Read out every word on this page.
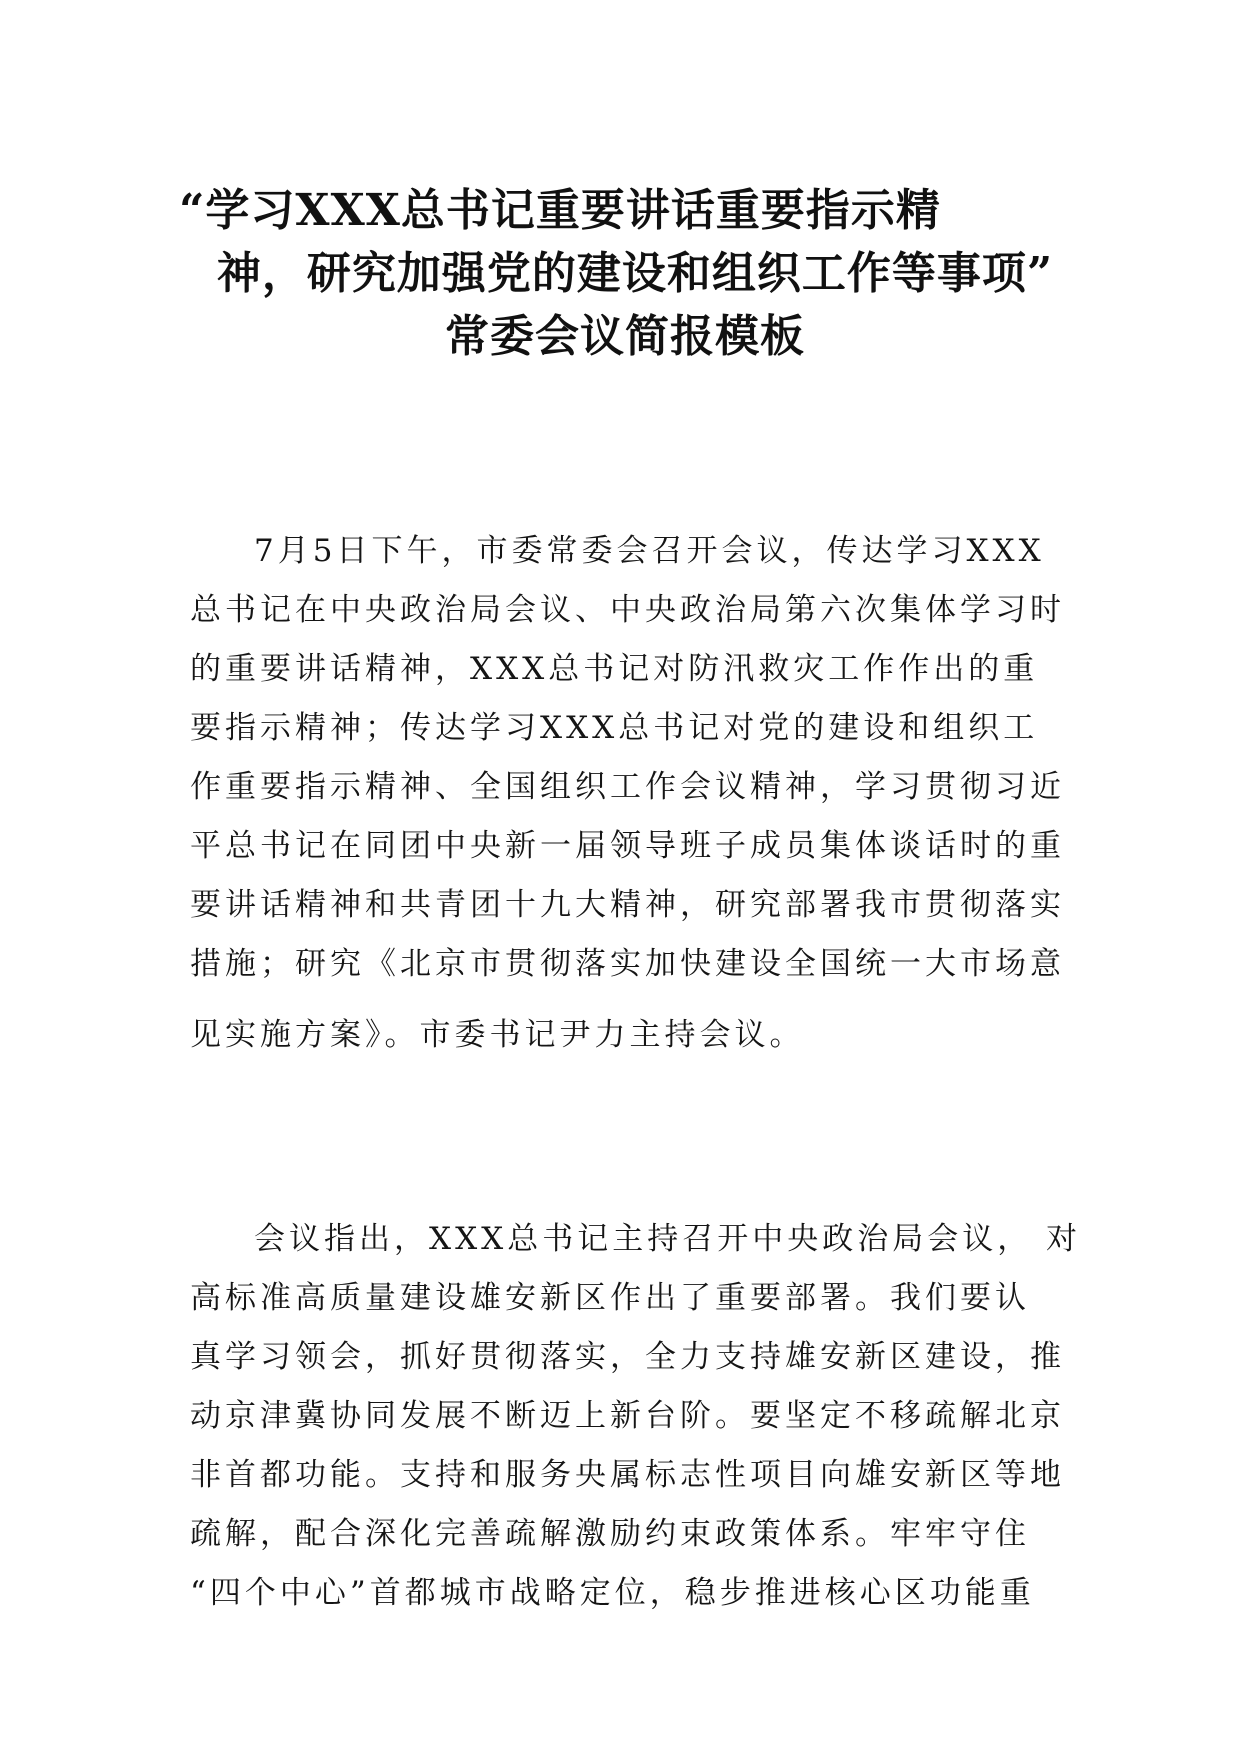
“学习XXX总书记重要讲话重要指示精
神，研究加强党的建设和组织工作等事项”
常委会议简报模板
7月5日下午，市委常委会召开会议，传达学习XXX
总书记在中央政治局会议、中央政治局第六次集体学习时
的重要讲话精神，XXX总书记对防汛救灾工作作出的重
要指示精神；传达学习XXX总书记对党的建设和组织工
作重要指示精神、全国组织工作会议精神，学习贯彻习近
平总书记在同团中央新一届领导班子成员集体谈话时的重
要讲话精神和共青团十九大精神，研究部署我市贯彻落实
措施；研究《北京市贯彻落实加快建设全国统一大市场意
见实施方案》。市委书记尹力主持会议。
会议指出，XXX总书记主持召开中央政治局会议， 对
高标准高质量建设雄安新区作出了重要部署。我们要认
真学习领会，抓好贯彻落实，全力支持雄安新区建设，推
动京津冀协同发展不断迈上新台阶。要坚定不移疏解北京
非首都功能。支持和服务央属标志性项目向雄安新区等地
疏解，配合深化完善疏解激励约束政策体系。牢牢守住
“四个中心”首都城市战略定位，稳步推进核心区功能重
